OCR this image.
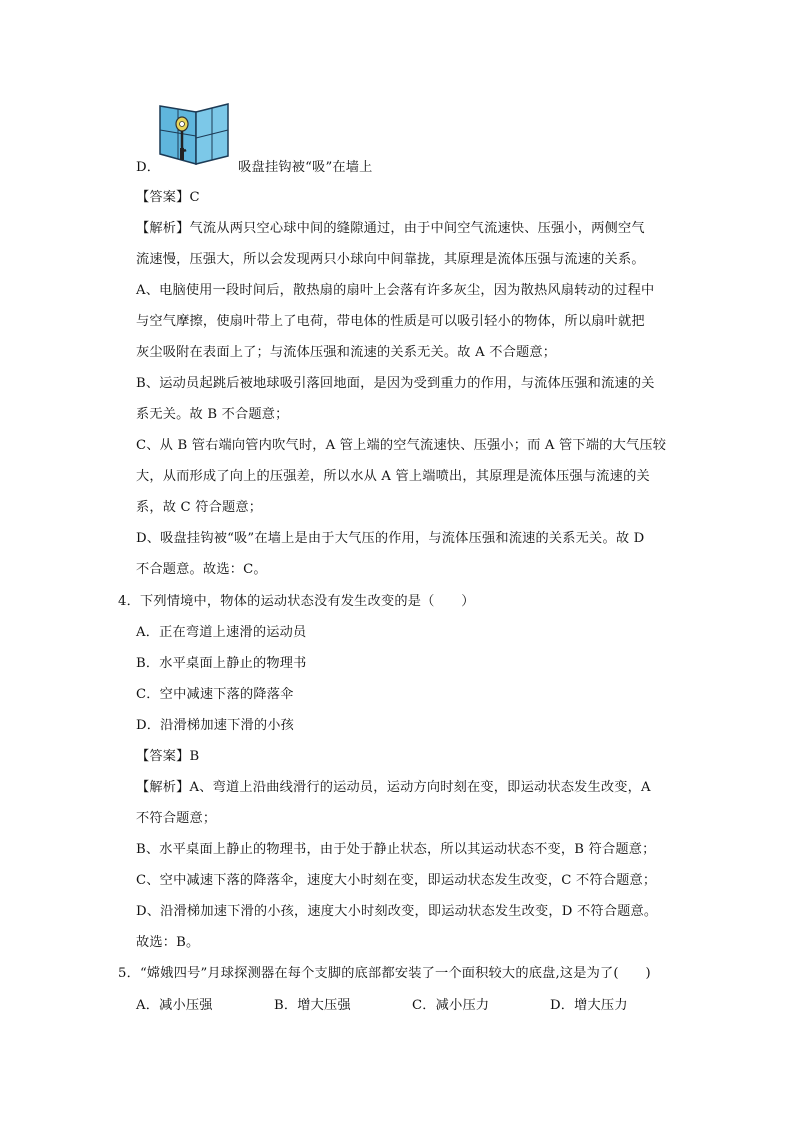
D．	吸盘挂钩被“吸”在墙上
【答案】C
【解析】气流从两只空心球中间的缝隙通过，由于中间空气流速快、压强小，两侧空气
流速慢，压强大，所以会发现两只小球向中间靠拢，其原理是流体压强与流速的关系。
A、电脑使用一段时间后，散热扇的扇叶上会落有许多灰尘，因为散热风扇转动的过程中
与空气摩擦，使扇叶带上了电荷，带电体的性质是可以吸引轻小的物体，所以扇叶就把
灰尘吸附在表面上了；与流体压强和流速的关系无关。故 A 不合题意；
B、运动员起跳后被地球吸引落回地面，是因为受到重力的作用，与流体压强和流速的关
系无关。故 B 不合题意；
C、从 B 管右端向管内吹气时，A 管上端的空气流速快、压强小；而 A 管下端的大气压较
大，从而形成了向上的压强差，所以水从 A 管上端喷出，其原理是流体压强与流速的关
系，故 C 符合题意；
D、吸盘挂钩被“吸”在墙上是由于大气压的作用，与流体压强和流速的关系无关。故 D
不合题意。故选：C。
4．下列情境中，物体的运动状态没有发生改变的是（　　）
A．正在弯道上速滑的运动员
B．水平桌面上静止的物理书
C．空中减速下落的降落伞
D．沿滑梯加速下滑的小孩
【答案】B
【解析】A、弯道上沿曲线滑行的运动员，运动方向时刻在变，即运动状态发生改变，A
不符合题意；
B、水平桌面上静止的物理书，由于处于静止状态，所以其运动状态不变，B 符合题意；
C、空中减速下落的降落伞，速度大小时刻在变，即运动状态发生改变，C 不符合题意；
D、沿滑梯加速下滑的小孩，速度大小时刻改变，即运动状态发生改变，D 不符合题意。
故选：B。
5．“嫦娥四号”月球探测器在每个支脚的底部都安装了一个面积较大的底盘,这是为了(　　)
A．减小压强	B．增大压强	C．减小压力	D．增大压力
